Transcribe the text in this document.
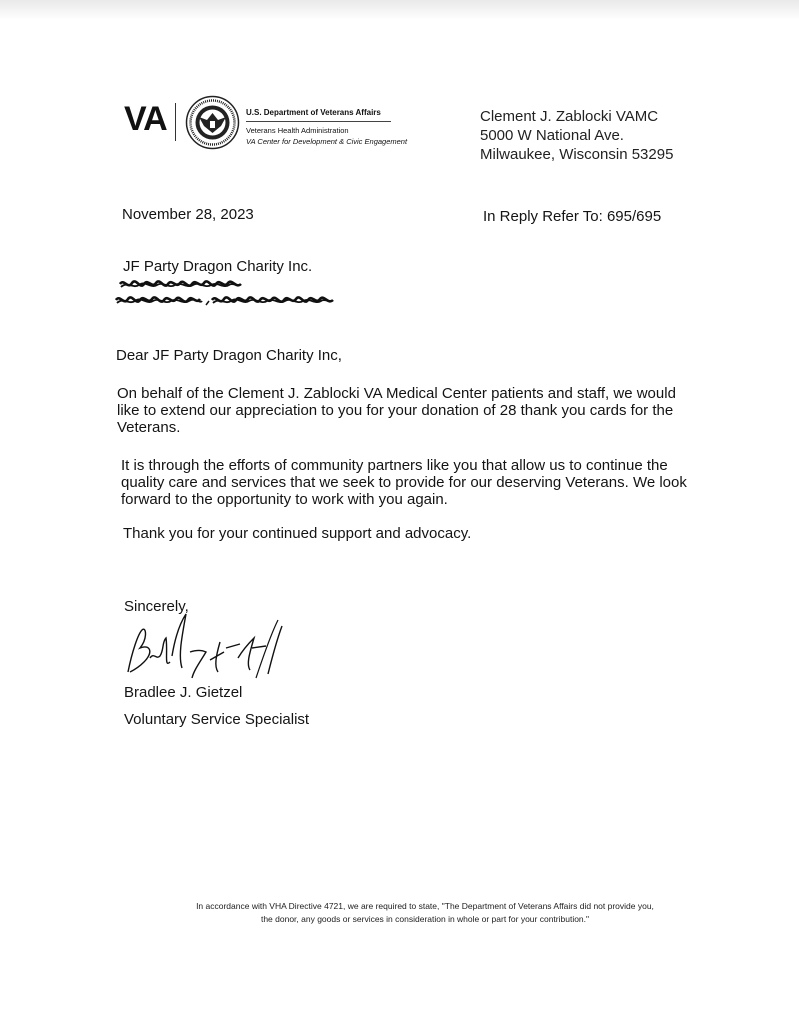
VA	U.S. Department of Veterans Affairs
Veterans Health Administration
VA Center for Development & Civic Engagement
Clement J. Zablocki VAMC
5000 W National Ave.
Milwaukee, Wisconsin 53295
November 28, 2023	In Reply Refer To: 695/695
JF Party Dragon Charity Inc.
Dear JF Party Dragon Charity Inc,
On behalf of the Clement J. Zablocki VA Medical Center patients and staff, we would like to extend our appreciation to you for your donation of 28 thank you cards for the Veterans.
It is through the efforts of community partners like you that allow us to continue the quality care and services that we seek to provide for our deserving Veterans. We look forward to the opportunity to work with you again.
Thank you for your continued support and advocacy.
Sincerely,
Bradlee J. Gietzel
Voluntary Service Specialist
In accordance with VHA Directive 4721, we are required to state, "The Department of Veterans Affairs did not provide you,
the donor, any goods or services in consideration in whole or part for your contribution."
